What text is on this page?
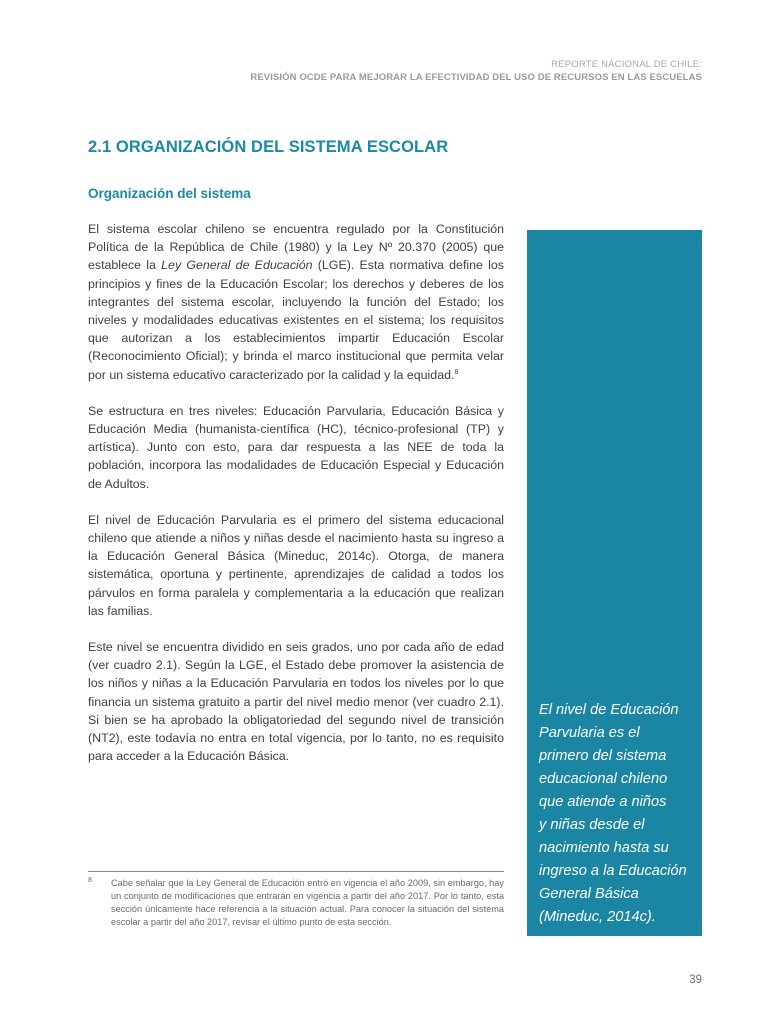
REPORTE NACIONAL DE CHILE:
REVISIÓN OCDE PARA MEJORAR LA EFECTIVIDAD DEL USO DE RECURSOS EN LAS ESCUELAS
2.1 ORGANIZACIÓN DEL SISTEMA ESCOLAR
Organización del sistema

El sistema escolar chileno se encuentra regulado por la Constitución Política de la República de Chile (1980) y la Ley Nº 20.370 (2005) que establece la Ley General de Educación (LGE). Esta normativa define los principios y fines de la Educación Escolar; los derechos y deberes de los integrantes del sistema escolar, incluyendo la función del Estado; los niveles y modalidades educativas existentes en el sistema; los requisitos que autorizan a los establecimientos impartir Educación Escolar (Reconocimiento Oficial); y brinda el marco institucional que permita velar por un sistema educativo caracterizado por la calidad y la equidad.$^8$

Se estructura en tres niveles: Educación Parvularia, Educación Básica y Educación Media (humanista-científica (HC), técnico-profesional (TP) y artística). Junto con esto, para dar respuesta a las NEE de toda la población, incorpora las modalidades de Educación Especial y Educación de Adultos.

El nivel de Educación Parvularia es el primero del sistema educacional chileno que atiende a niños y niñas desde el nacimiento hasta su ingreso a la Educación General Básica (Mineduc, 2014c). Otorga, de manera sistemática, oportuna y pertinente, aprendizajes de calidad a todos los párvulos en forma paralela y complementaria a la educación que realizan las familias.

Este nivel se encuentra dividido en seis grados, uno por cada año de edad (ver cuadro 2.1). Según la LGE, el Estado debe promover la asistencia de los niños y niñas a la Educación Parvularia en todos los niveles por lo que financia un sistema gratuito a partir del nivel medio menor (ver cuadro 2.1). Si bien se ha aprobado la obligatoriedad del segundo nivel de transición (NT2), este todavía no entra en total vigencia, por lo tanto, no es requisito para acceder a la Educación Básica.

El nivel de Educación
Parvularia es el
primero del sistema
educacional chileno
que atiende a niños
y niñas desde el
nacimiento hasta su
ingreso a la Educación
General Básica
(Mineduc, 2014c).
8 Cabe señalar que la Ley General de Educación entró en vigencia el año 2009, sin embargo, hay un conjunto de modificaciones que entrarán en vigencia a partir del año 2017. Por lo tanto, esta sección únicamente hace referencia a la situación actual. Para conocer la situación del sistema escolar a partir del año 2017, revisar el último punto de esta sección.

39
